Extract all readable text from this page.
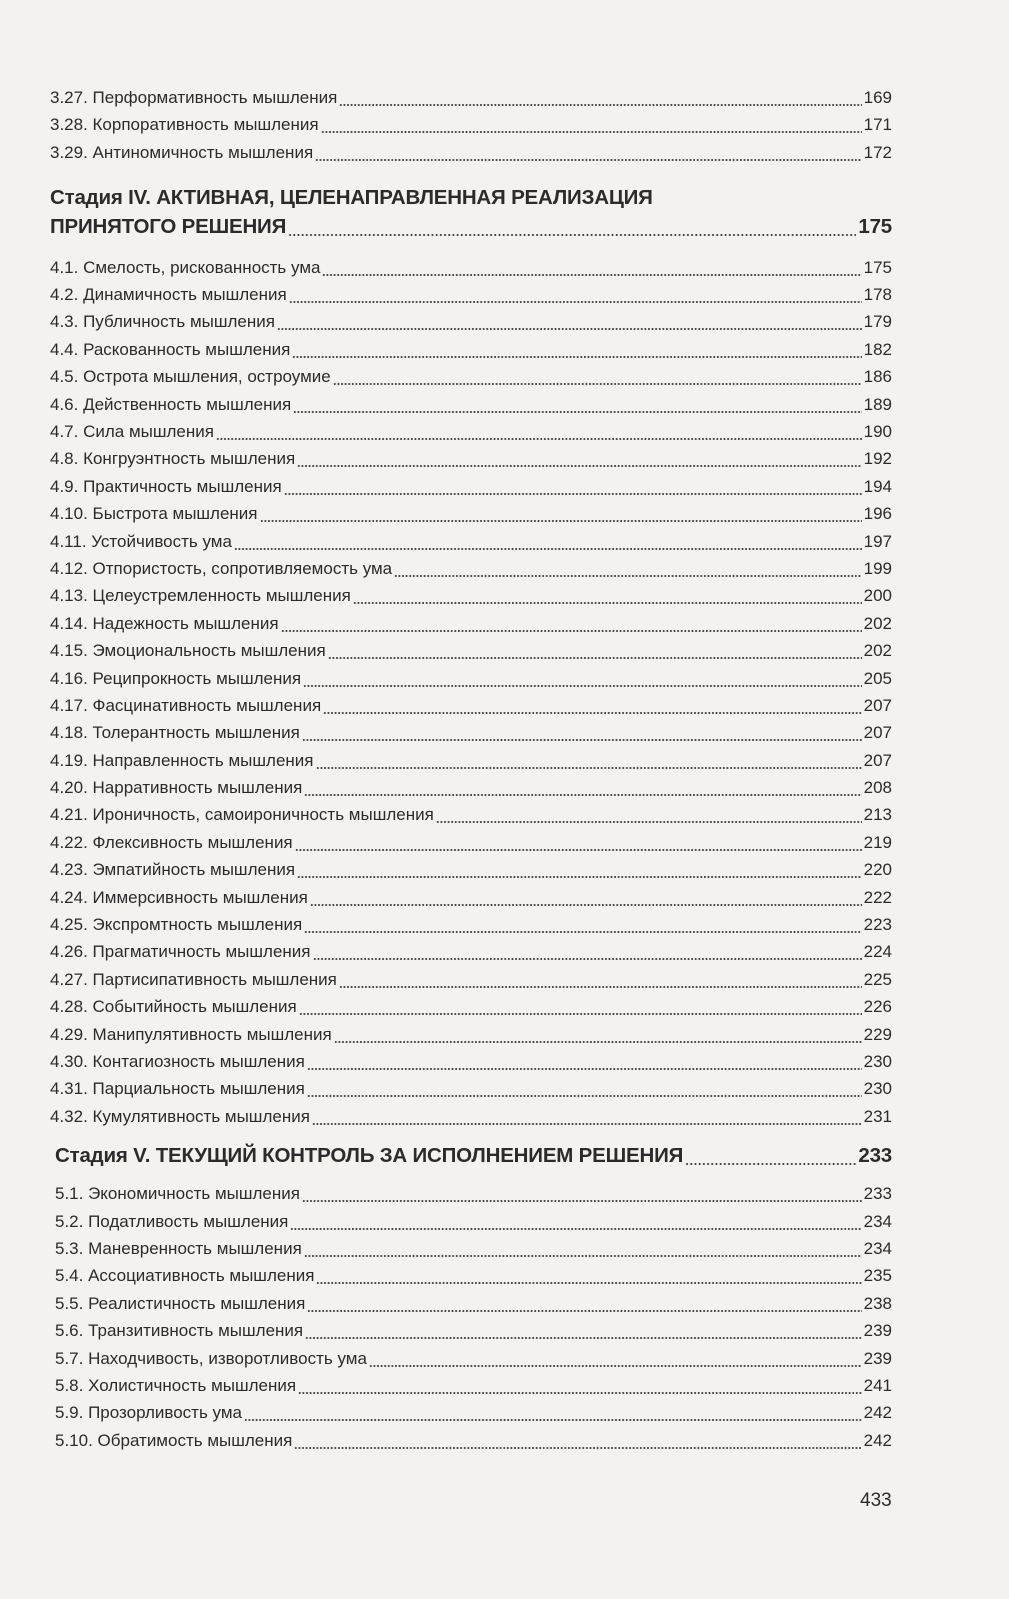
3.27. Перформативность мышления	169
3.28. Корпоративность мышления	171
3.29. Антиномичность мышления	172
Стадия IV. АКТИВНАЯ, ЦЕЛЕНАПРАВЛЕННАЯ РЕАЛИЗАЦИЯ
ПРИНЯТОГО РЕШЕНИЯ	175
4.1. Смелость, рискованность ума	175
4.2. Динамичность мышления	178
4.3. Публичность мышления	179
4.4. Раскованность мышления	182
4.5. Острота мышления, остроумие	186
4.6. Действенность мышления	189
4.7. Сила мышления	190
4.8. Конгруэнтность мышления	192
4.9. Практичность мышления	194
4.10. Быстрота мышления	196
4.11. Устойчивость ума	197
4.12. Отпористость, сопротивляемость ума	199
4.13. Целеустремленность мышления	200
4.14. Надежность мышления	202
4.15. Эмоциональность мышления	202
4.16. Реципрокность мышления	205
4.17. Фасцинативность мышления	207
4.18. Толерантность мышления	207
4.19. Направленность мышления	207
4.20. Нарративность мышления	208
4.21. Ироничность, самоироничность мышления	213
4.22. Флексивность мышления	219
4.23. Эмпатийность мышления	220
4.24. Иммерсивность мышления	222
4.25. Экспромтность мышления	223
4.26. Прагматичность мышления	224
4.27. Партисипативность мышления	225
4.28. Событийность мышления	226
4.29. Манипулятивность мышления	229
4.30. Контагиозность мышления	230
4.31. Парциальность мышления	230
4.32. Кумулятивность мышления	231
Стадия V. ТЕКУЩИЙ КОНТРОЛЬ ЗА ИСПОЛНЕНИЕМ РЕШЕНИЯ	233
5.1. Экономичность мышления	233
5.2. Податливость мышления	234
5.3. Маневренность мышления	234
5.4. Ассоциативность мышления	235
5.5. Реалистичность мышления	238
5.6. Транзитивность мышления	239
5.7. Находчивость, изворотливость ума	239
5.8. Холистичность мышления	241
5.9. Прозорливость ума	242
5.10. Обратимость мышления	242
433
